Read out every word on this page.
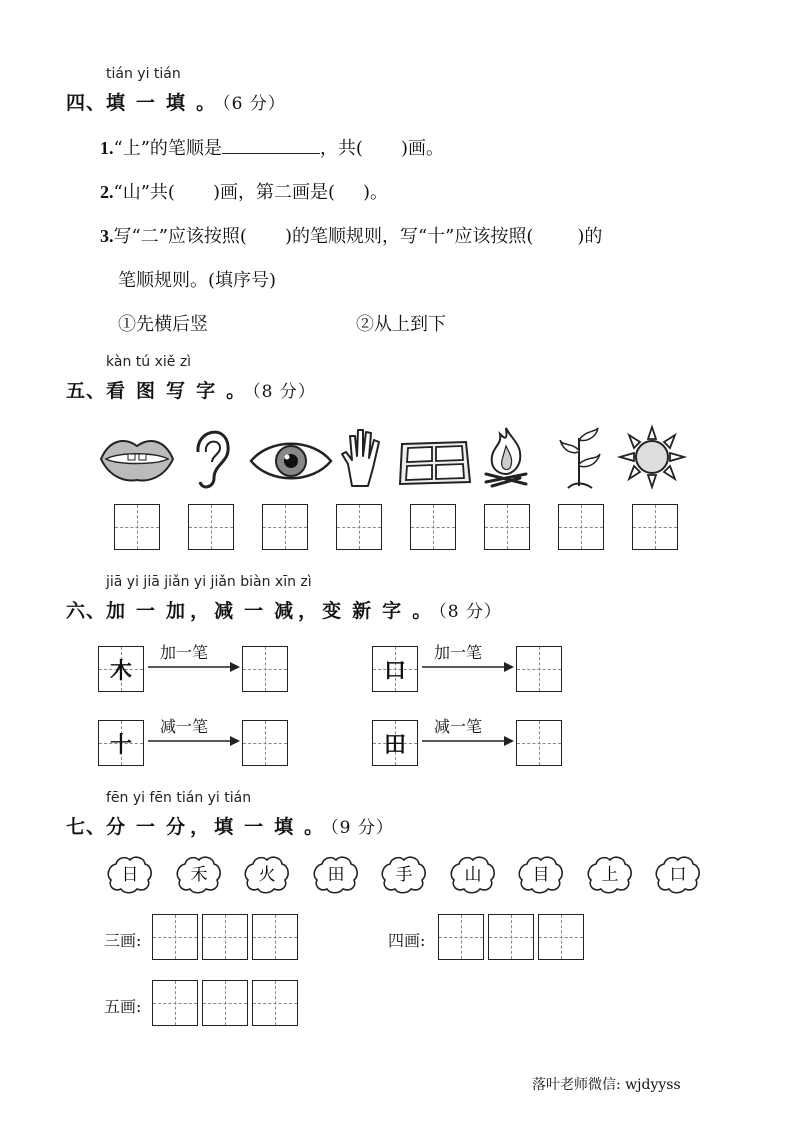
tián yi tián
四、填 一 填 。 （6 分）
1.“上”的笔顺是	，共( )画。
2.“山”共( )画，第二画是( )。
3.写“二”应该按照( )的笔顺规则，写“十”应该按照( )的
笔顺规则。(填序号)
①先横后竖	②从上到下
kàn tú xiě zì
五、看 图 写 字 。 （8 分）
jiā yi jiā jiǎn yi jiǎn biàn xīn zì
六、加 一 加 ， 减 一 减 ， 变 新 字 。 （8 分）
木
加一笔
口
加一笔
十
减一笔
田
减一笔
fēn yi fēn tián yi tián
七、分 一 分 ， 填 一 填 。 （9 分）
日	禾	火	田	手	山	目	上	口
三画:	四画:
五画:
落叶老师微信: wjdyyss
